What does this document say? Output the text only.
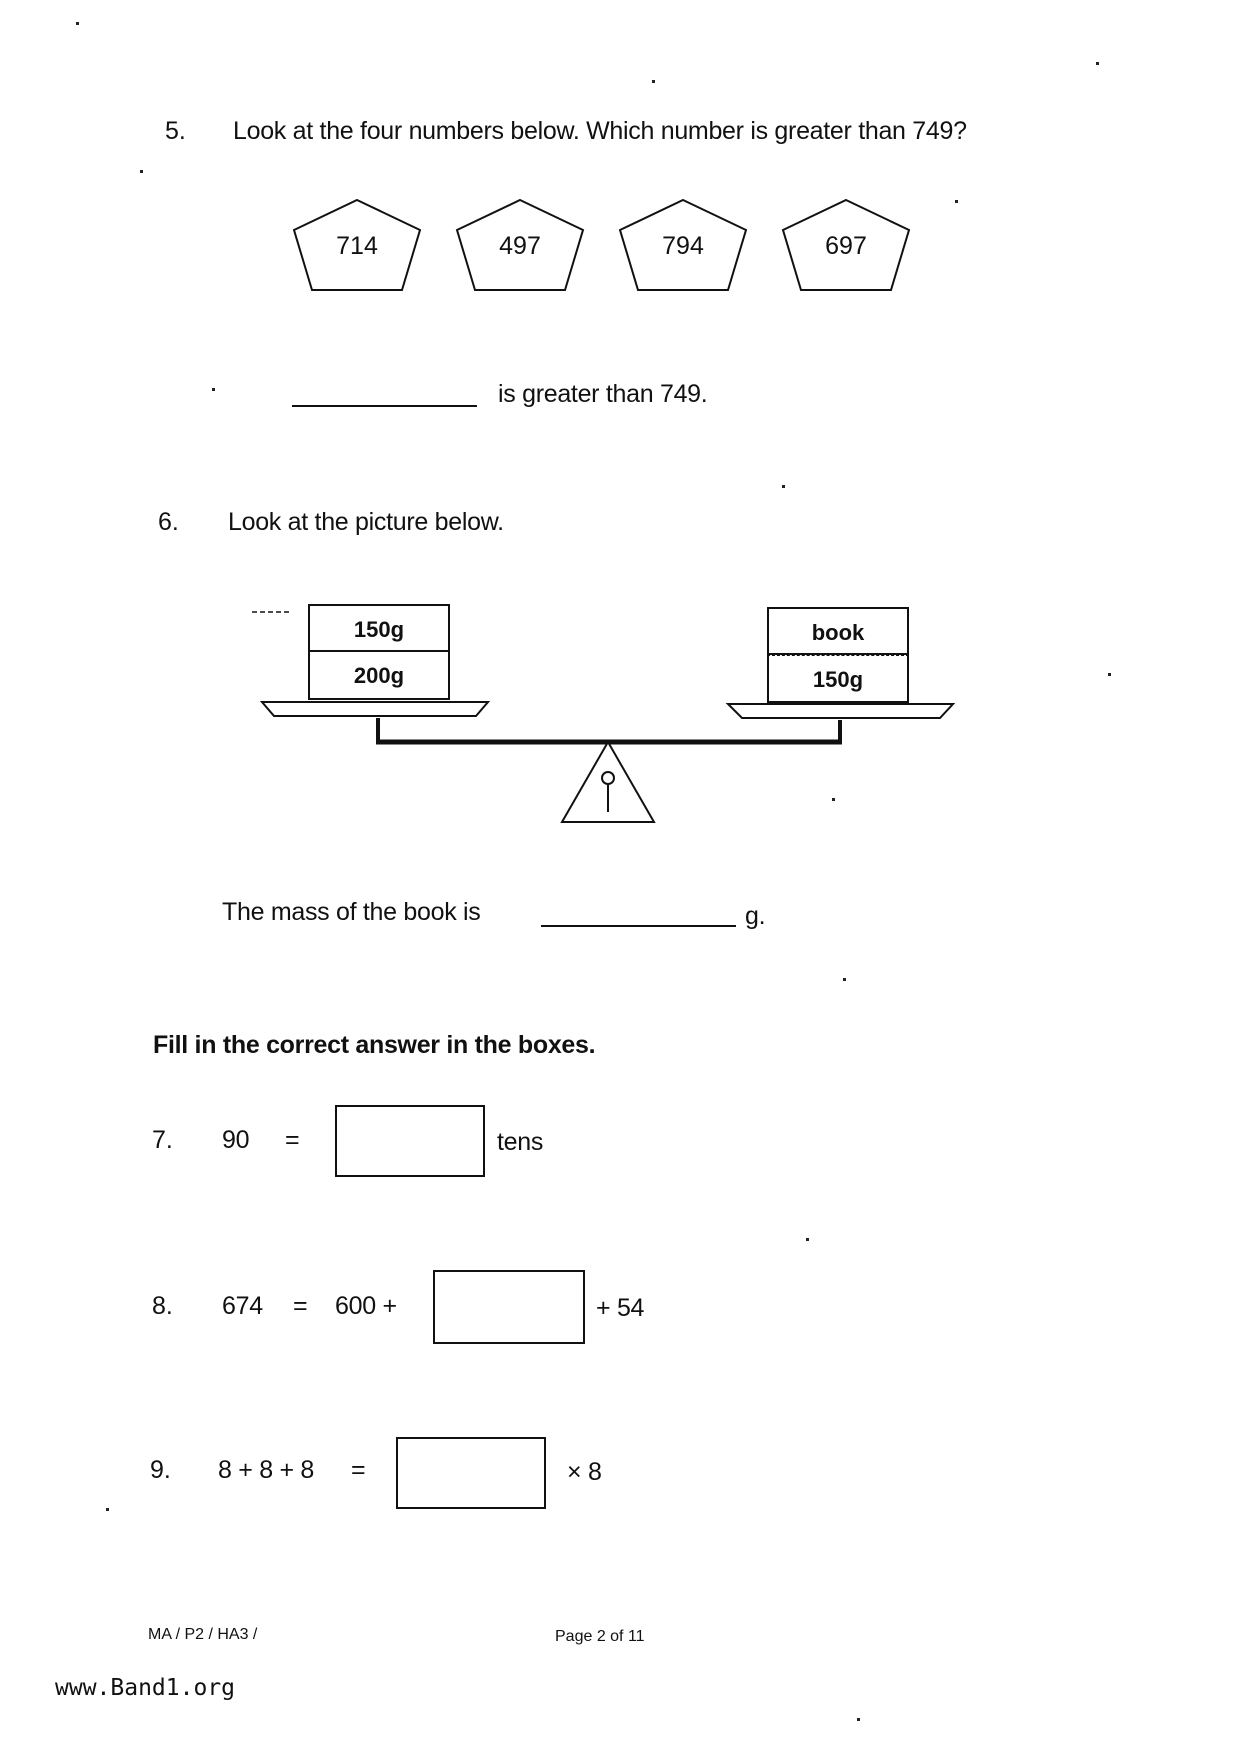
5. Look at the four numbers below. Which number is greater than 749?
714	497	794	697
is greater than 749.
6. Look at the picture below.
150g
200g
book
150g
The mass of the book is	g.
Fill in the correct answer in the boxes.
7. 90 =	tens
8. 674 = 600 +	+ 54
9. 8 + 8 + 8 =	× 8
MA / P2 / HA3 /	Page 2 of 11
www.Band1.org
